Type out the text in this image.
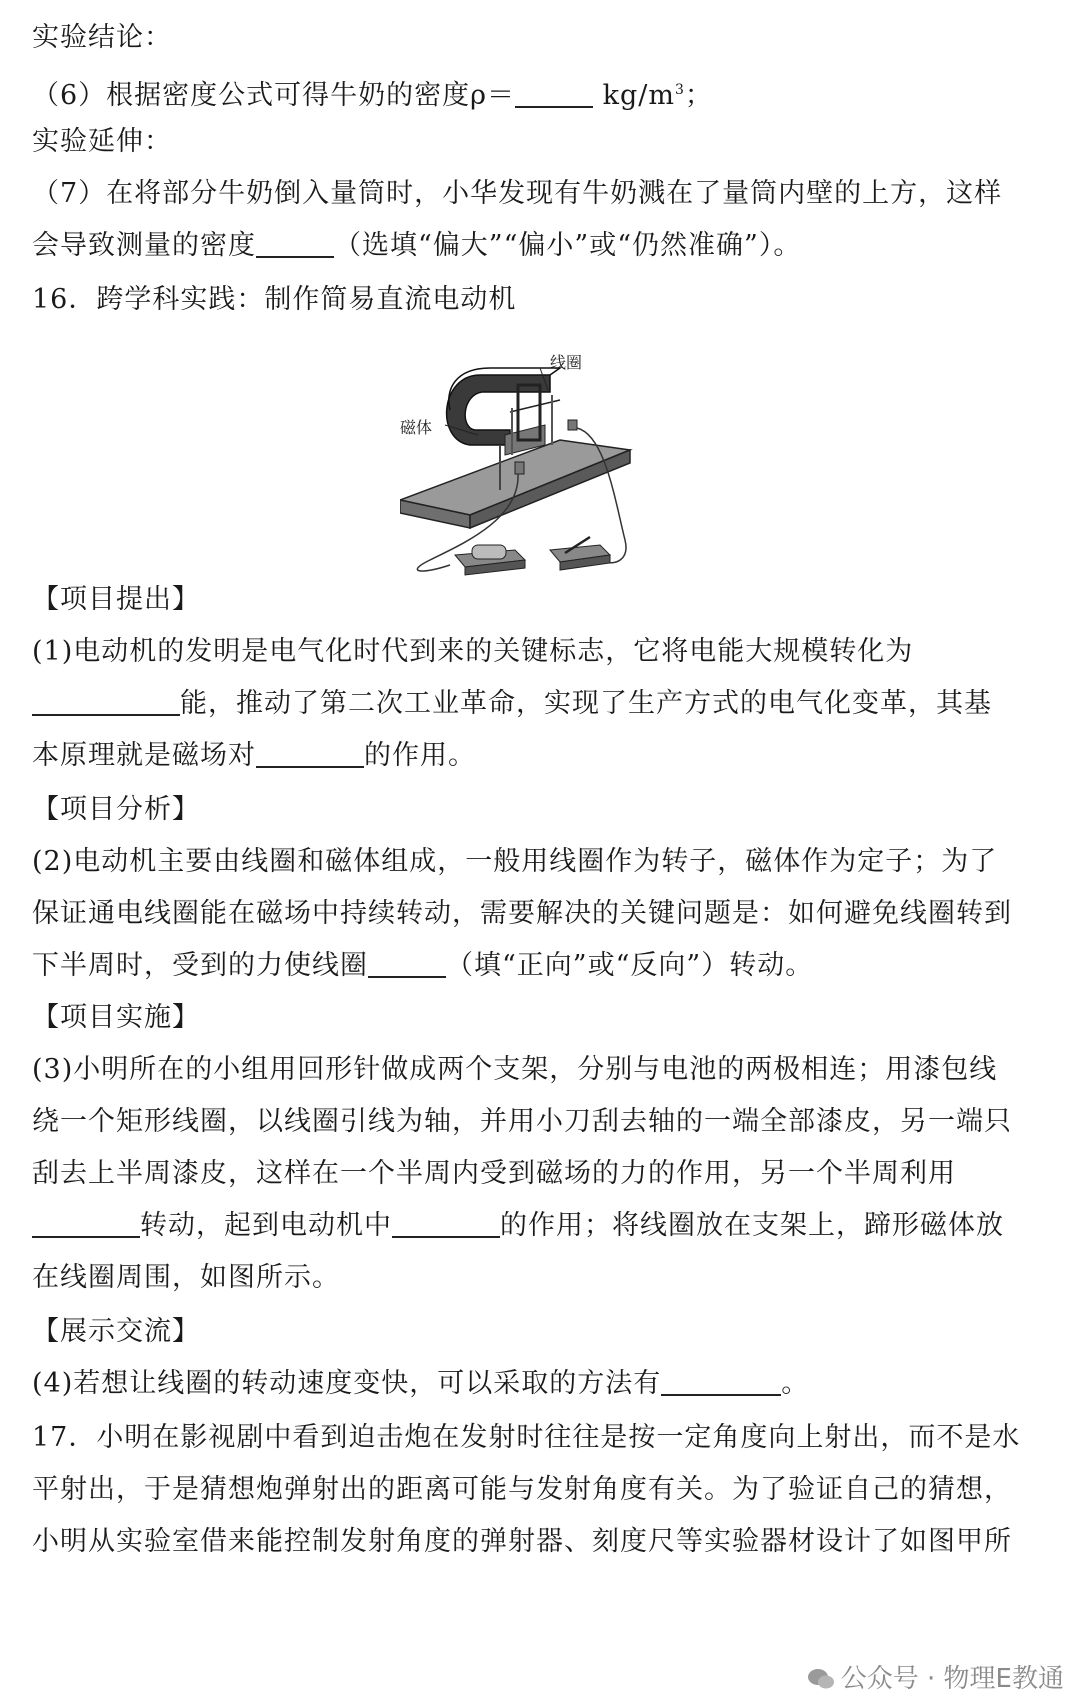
实验结论：
（6）根据密度公式可得牛奶的密度ρ＝	$kg/m^3$；
实验延伸：
（7）在将部分牛奶倒入量筒时，小华发现有牛奶溅在了量筒内壁的上方，这样
会导致测量的密度	（选填“偏大”“偏小”或“仍然准确”）。
16．跨学科实践：制作简易直流电动机
线圈
磁体
【项目提出】
(1)电动机的发明是电气化时代到来的关键标志，它将电能大规模转化为
能，推动了第二次工业革命，实现了生产方式的电气化变革，其基
本原理就是磁场对	的作用。
【项目分析】
(2)电动机主要由线圈和磁体组成，一般用线圈作为转子，磁体作为定子；为了
保证通电线圈能在磁场中持续转动，需要解决的关键问题是：如何避免线圈转到
下半周时，受到的力使线圈	（填“正向”或“反向”）转动。
【项目实施】
(3)小明所在的小组用回形针做成两个支架，分别与电池的两极相连；用漆包线
绕一个矩形线圈，以线圈引线为轴，并用小刀刮去轴的一端全部漆皮，另一端只
刮去上半周漆皮，这样在一个半周内受到磁场的力的作用，另一个半周利用
转动，起到电动机中	的作用；将线圈放在支架上，蹄形磁体放
在线圈周围，如图所示。
【展示交流】
(4)若想让线圈的转动速度变快，可以采取的方法有	。
17．小明在影视剧中看到迫击炮在发射时往往是按一定角度向上射出，而不是水
平射出，于是猜想炮弹射出的距离可能与发射角度有关。为了验证自己的猜想，
小明从实验室借来能控制发射角度的弹射器、刻度尺等实验器材设计了如图甲所
公众号 · 物理E教通
